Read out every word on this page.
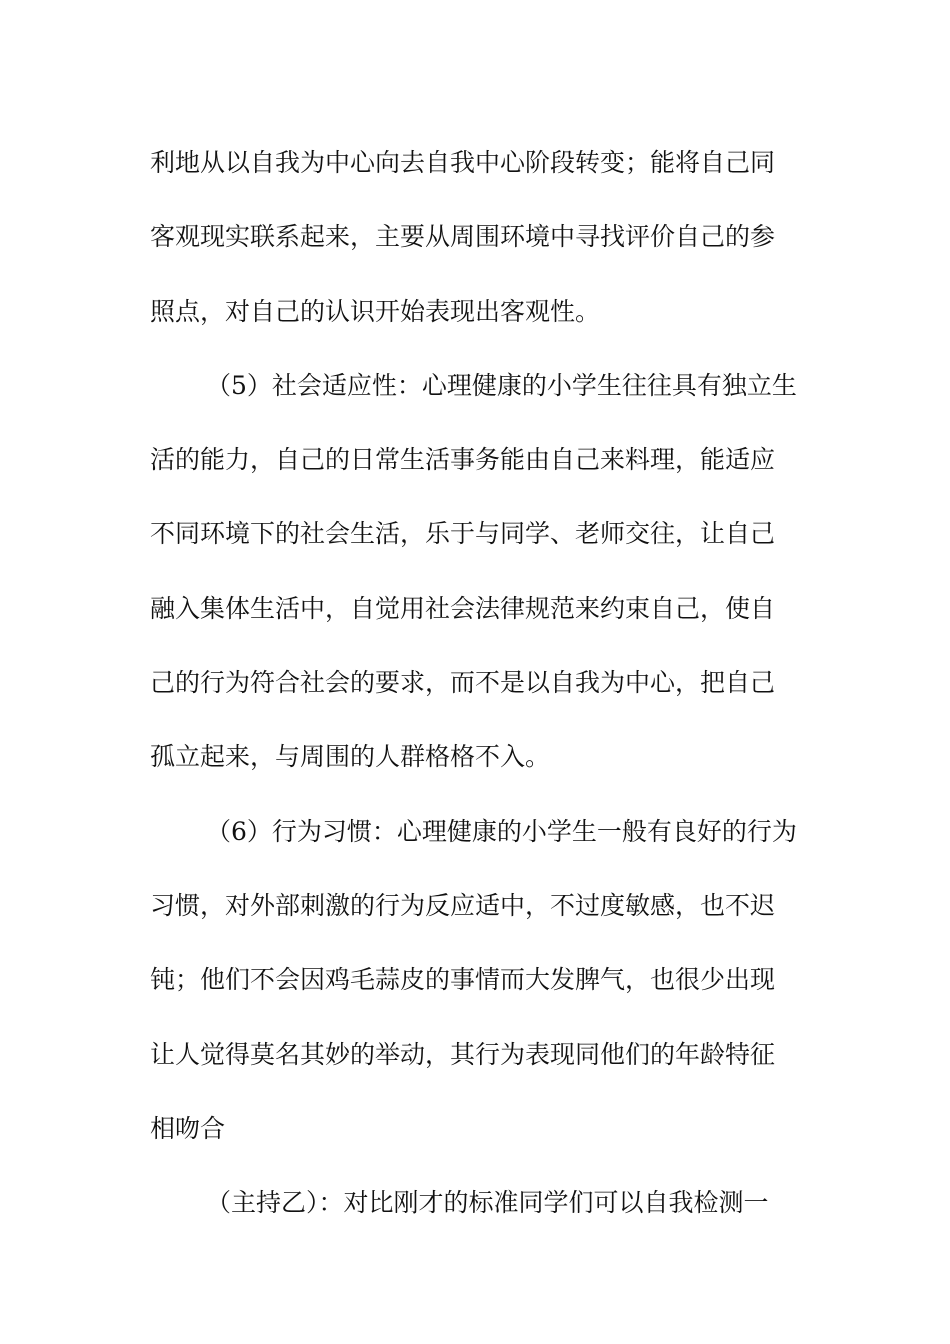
利地从以自我为中心向去自我中心阶段转变；能将自己同
客观现实联系起来，主要从周围环境中寻找评价自己的参
照点，对自己的认识开始表现出客观性。
（5）社会适应性：心理健康的小学生往往具有独立生
活的能力，自己的日常生活事务能由自己来料理，能适应
不同环境下的社会生活，乐于与同学、老师交往，让自己
融入集体生活中，自觉用社会法律规范来约束自己，使自
己的行为符合社会的要求，而不是以自我为中心，把自己
孤立起来，与周围的人群格格不入。
（6）行为习惯：心理健康的小学生一般有良好的行为
习惯，对外部刺激的行为反应适中，不过度敏感，也不迟
钝；他们不会因鸡毛蒜皮的事情而大发脾气，也很少出现
让人觉得莫名其妙的举动，其行为表现同他们的年龄特征
相吻合
（主持乙）：对比刚才的标准同学们可以自我检测一
